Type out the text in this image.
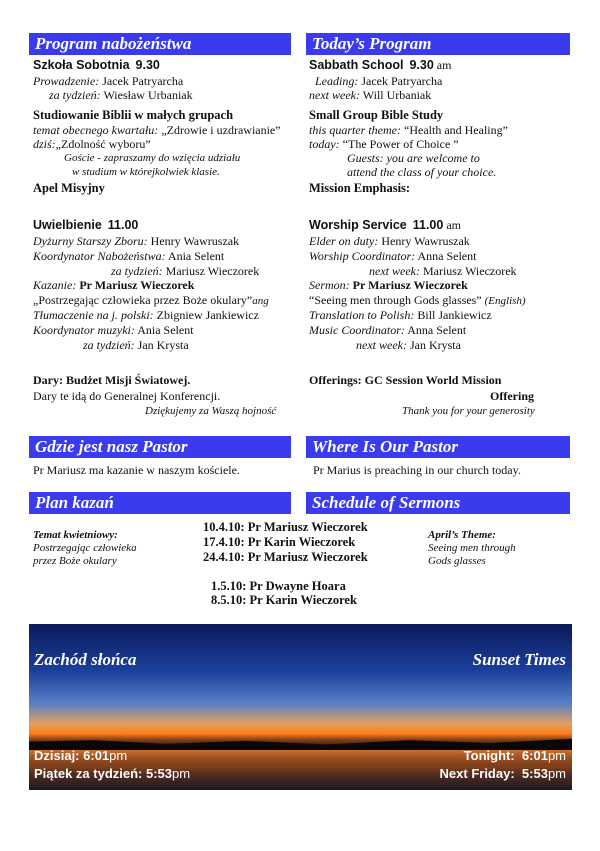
Program nabożeństwa
Szkoła Sobotnia 9.30
Prowadzenie: Jacek Patryarcha
za tydzień: Wiesław Urbaniak
Studiowanie Biblii w małych grupach
temat obecnego kwartału: „Zdrowie i uzdrawianie”
dziś:„Zdolność wyboru”
Goście - zapraszamy do wzięcia udziału
w studium w którejkolwiek klasie.
Apel Misyjny
Uwielbienie 11.00
Dyżurny Starszy Zboru: Henry Wawruszak
Koordynator Nabożeństwa: Ania Selent
za tydzień: Mariusz Wieczorek
Kazanie: Pr Mariusz Wieczorek
„Postrzegając człowieka przez Boże okulary”ang
Tłumaczenie na j. polski: Zbigniew Jankiewicz
Koordynator muzyki: Ania Selent
za tydzień: Jan Krysta
Dary: Budżet Misji Światowej.
Dary te idą do Generalnej Konferencji.
Dziękujemy za Waszą hojność
Today’s Program
Sabbath School 9.30 am
Leading: Jacek Patryarcha
next week: Will Urbaniak
Small Group Bible Study
this quarter theme: “Health and Healing”
today: “The Power of Choice ”
Guests: you are welcome to
attend the class of your choice.
Mission Emphasis:
Worship Service 11.00 am
Elder on duty: Henry Wawruszak
Worship Coordinator: Anna Selent
next week: Mariusz Wieczorek
Sermon: Pr Mariusz Wieczorek
“Seeing men through Gods glasses” (English)
Translation to Polish: Bill Jankiewicz
Music Coordinator: Anna Selent
next week: Jan Krysta
Offerings: GC Session World Mission
Offering
Thank you for your generosity
Gdzie jest nasz Pastor
Pr Mariusz ma kazanie w naszym kościele.
Where Is Our Pastor
Pr Marius is preaching in our church today.
Plan kazań	Schedule of Sermons
Temat kwietniowy:
Postrzegając człowieka
przez Boże okulary
10.4.10: Pr Mariusz Wieczorek
17.4.10: Pr Karin Wieczorek
24.4.10: Pr Mariusz Wieczorek
1.5.10: Pr Dwayne Hoara
8.5.10: Pr Karin Wieczorek
April’s Theme:
Seeing men through
Gods glasses
Zachód słońca	Sunset Times
Dzisiaj: 6:01pm
Piątek za tydzień: 5:53pm
Tonight: 6:01pm
Next Friday: 5:53pm
